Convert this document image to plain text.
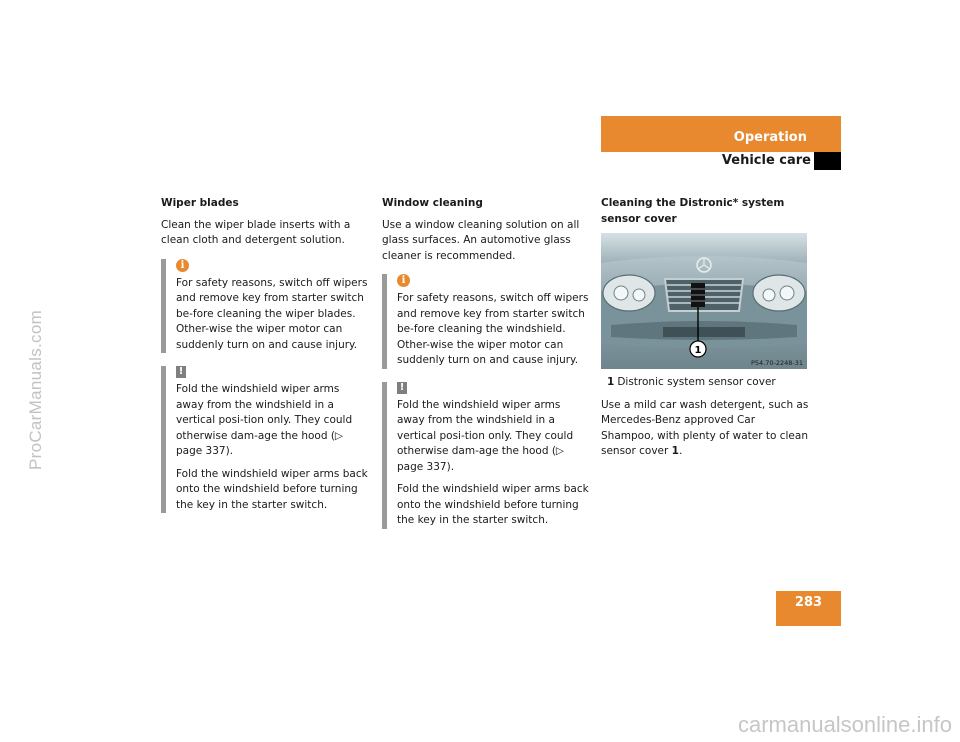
ProCarManuals.com
carmanualsonline.info
Operation
Vehicle care
Wiper blades

Clean the wiper blade inserts with a clean cloth and detergent solution.

i

For safety reasons, switch off wipers and remove key from starter switch be-fore cleaning the wiper blades. Other-wise the wiper motor can suddenly turn on and cause injury.

!

Fold the windshield wiper arms away from the windshield in a vertical posi-tion only. They could otherwise dam-age the hood (▷ page 337).

Fold the windshield wiper arms back onto the windshield before turning the key in the starter switch.

Window cleaning

Use a window cleaning solution on all glass surfaces. An automotive glass cleaner is recommended.

i

For safety reasons, switch off wipers and remove key from starter switch be-fore cleaning the windshield. Other-wise the wiper motor can suddenly turn on and cause injury.

!

Fold the windshield wiper arms away from the windshield in a vertical posi-tion only. They could otherwise dam-age the hood (▷ page 337).

Fold the windshield wiper arms back onto the windshield before turning the key in the starter switch.

Cleaning the Distronic* system sensor cover
1
P54.70-2248-31

1 Distronic system sensor cover

Use a mild car wash detergent, such as Mercedes-Benz approved Car Shampoo, with plenty of water to clean sensor cover 1.

283
